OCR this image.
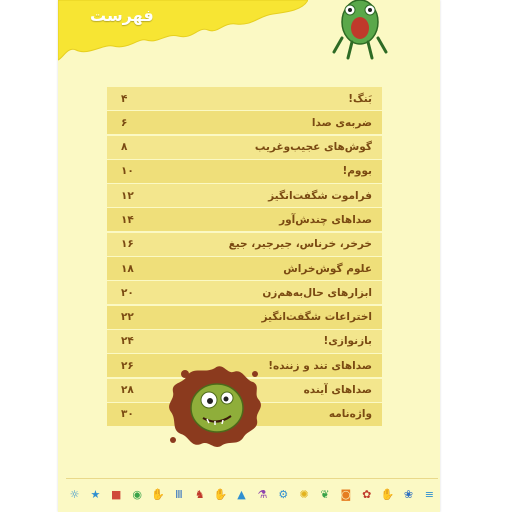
فهرست
بَنگ!
۴
ضربه‌ی صدا
۶
گوش‌های عجیب‌وغریب
۸
بووم!
۱۰
فراموت شگفت‌انگیز
۱۲
صداهای چندش‌آور
۱۴
خرخر، خرناس، جیرجیر، جیغ
۱۶
علوم گوش‌خراش
۱۸
ابزارهای حال‌به‌هم‌زن
۲۰
اختراعات شگفت‌انگیز
۲۲
بازنوازی!
۲۴
صداهای تند و زننده!
۲۶
صداهای آینده
۲۸
واژه‌نامه
۳۰
☼ ★ ■ ◉ ✋ Ⅲ ♞ ✋ ▲ ⚗ ⚙ ✺ ❦ ◙ ✿ ✋ ❀ ≡
